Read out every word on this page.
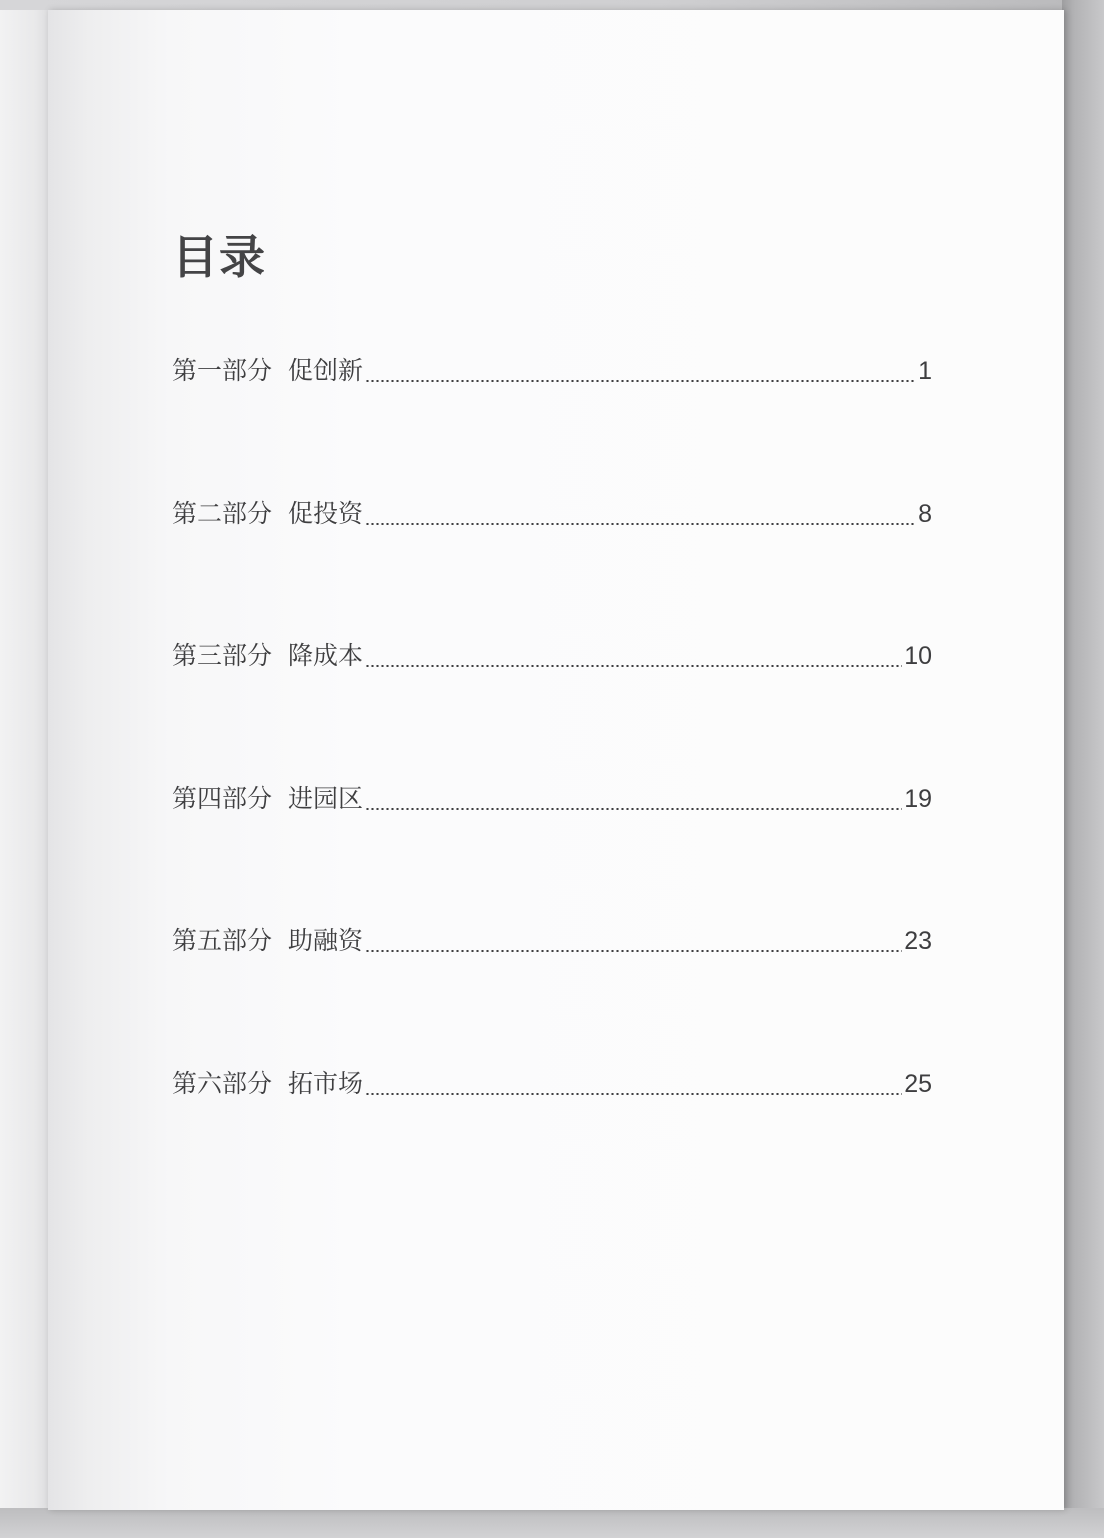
目录
第一部分 促创新	1
第二部分 促投资	8
第三部分 降成本	10
第四部分 进园区	19
第五部分 助融资	23
第六部分 拓市场	25
